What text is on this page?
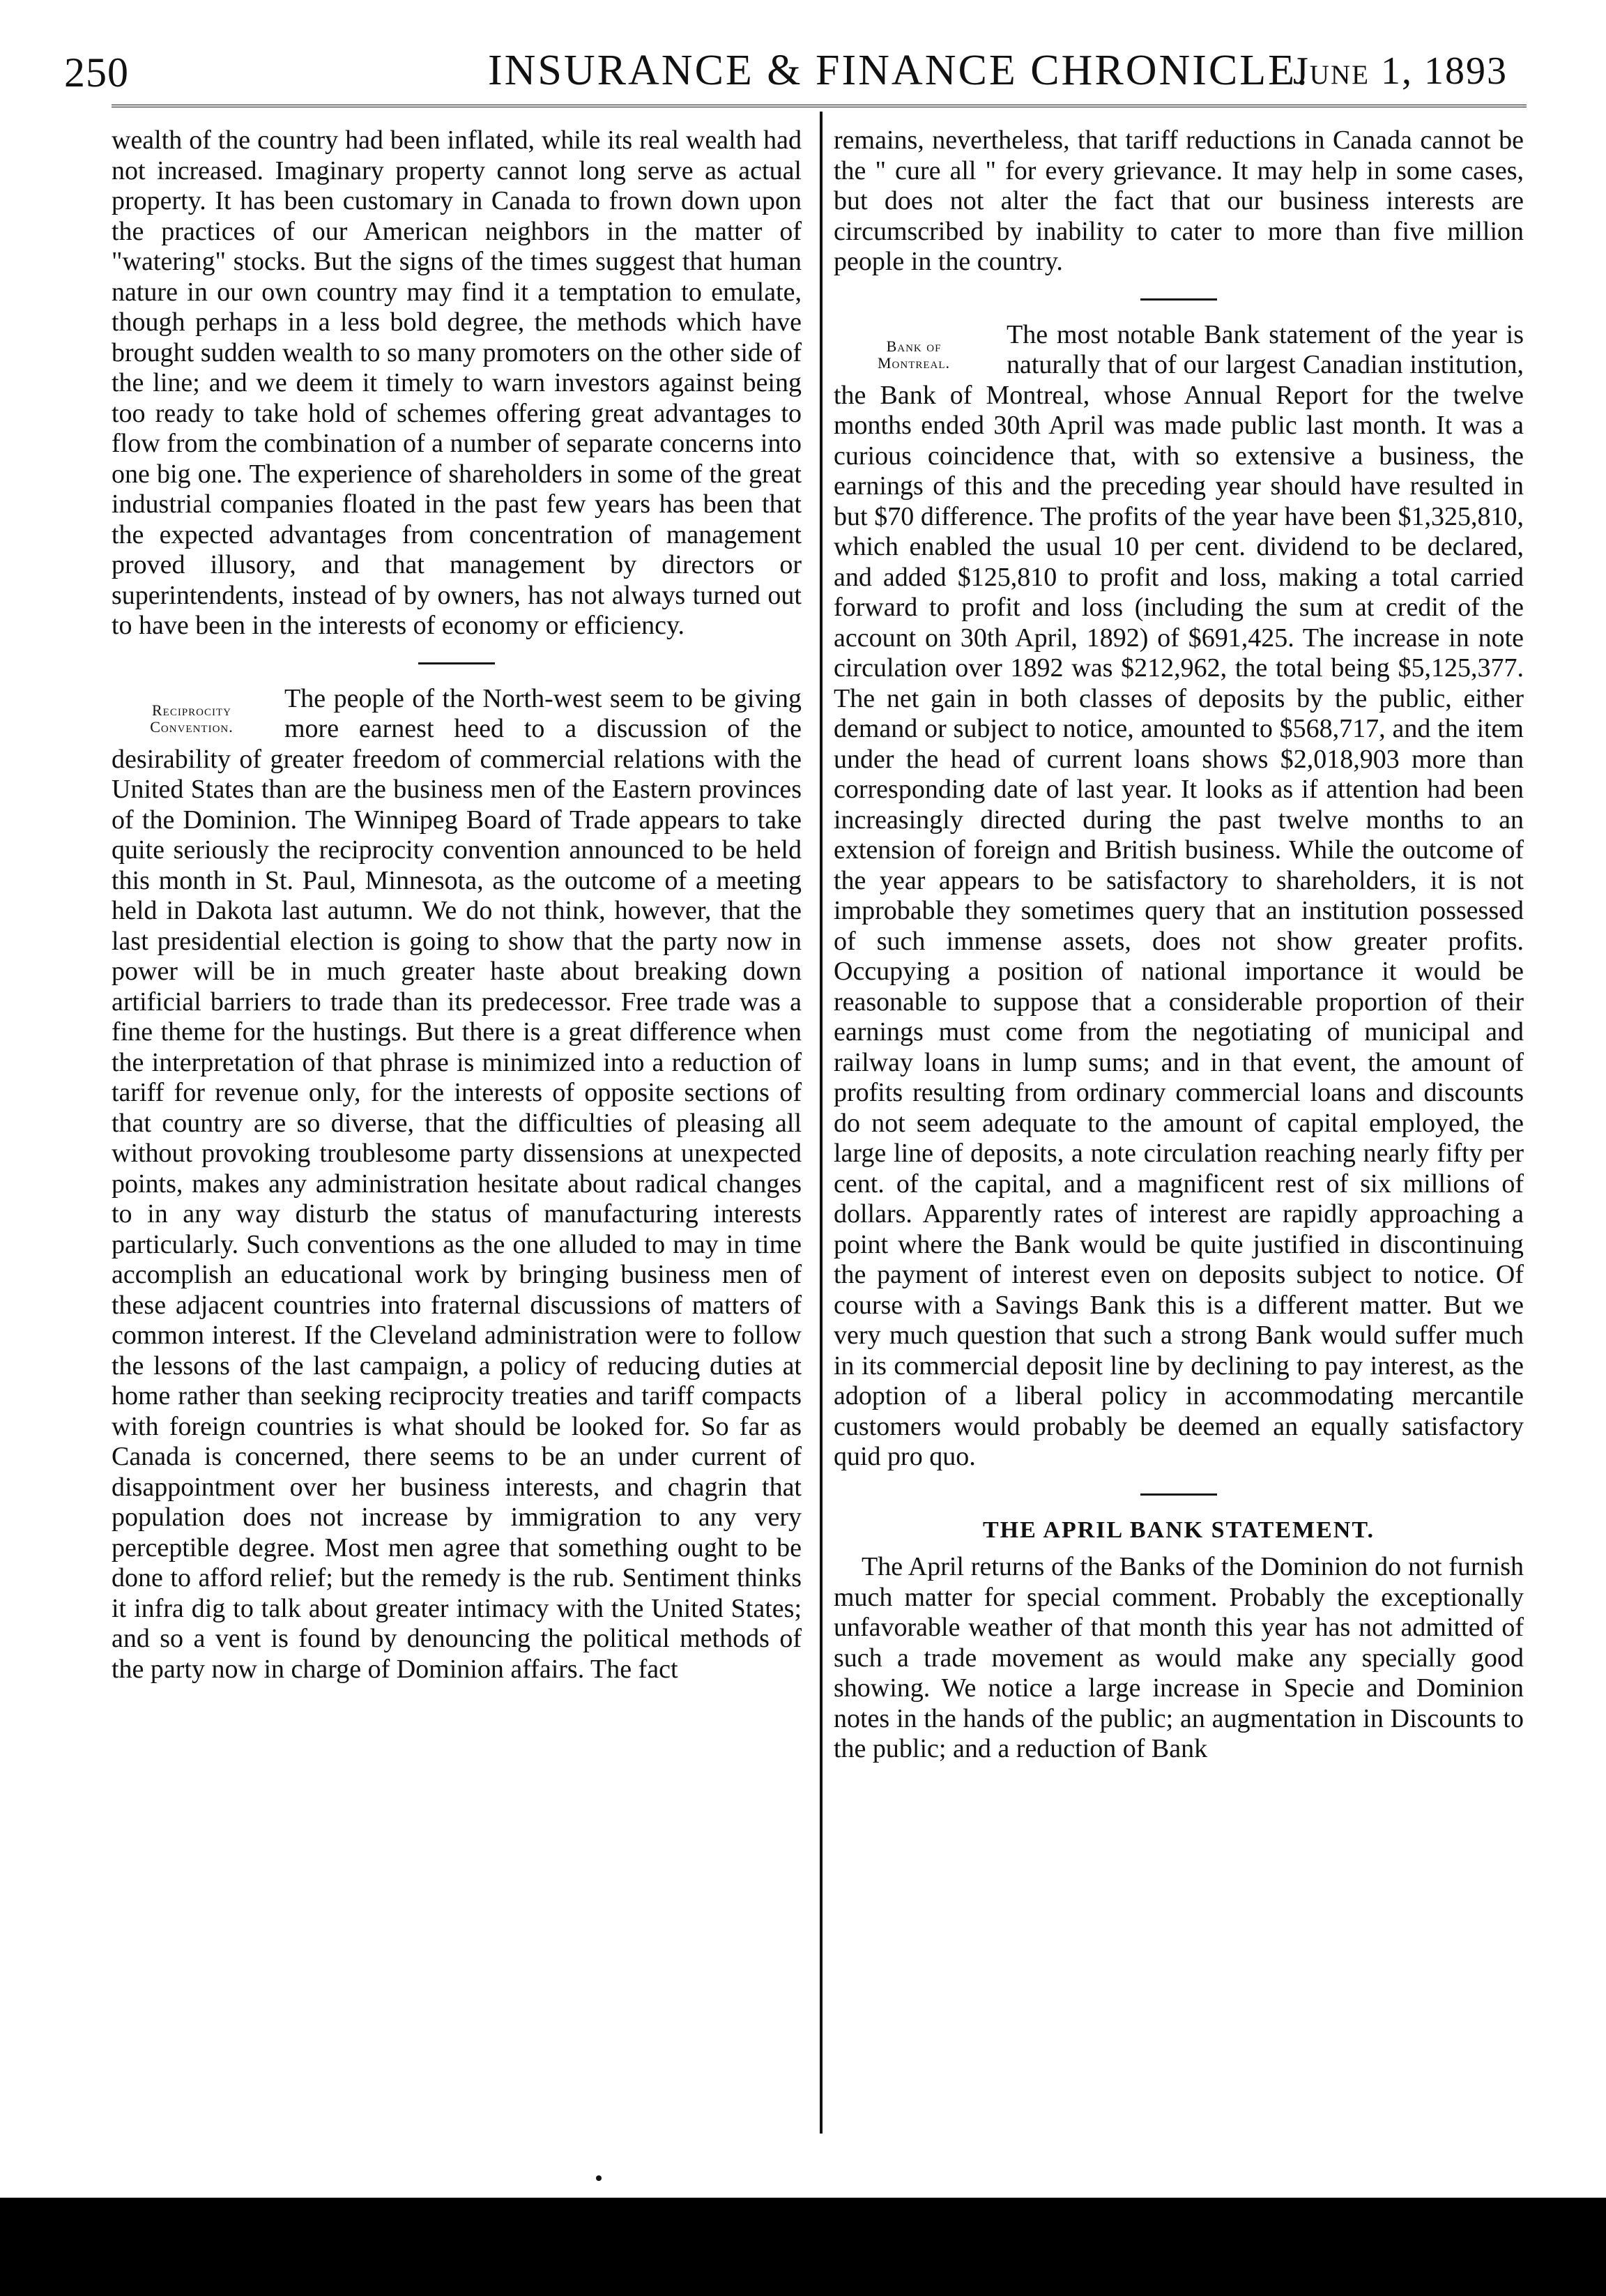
250	INSURANCE & FINANCE CHRONICLE.
June 1, 1893

wealth of the country had been inflated, while its real wealth had not increased. Imaginary property cannot long serve as actual property. It has been customary in Canada to frown down upon the practices of our American neighbors in the matter of "watering" stocks. But the signs of the times suggest that human nature in our own country may find it a temptation to emulate, though perhaps in a less bold degree, the methods which have brought sudden wealth to so many promoters on the other side of the line; and we deem it timely to warn investors against being too ready to take hold of schemes offering great advantages to flow from the combination of a number of separate concerns into one big one. The experience of shareholders in some of the great industrial companies floated in the past few years has been that the expected advantages from concentration of management proved illusory, and that management by directors or superintendents, instead of by owners, has not always turned out to have been in the interests of economy or efficiency.

Reciprocity
Convention.

The people of the North-west seem to be giving more earnest heed to a discussion of the desirability of greater freedom of commercial relations with the United States than are the business men of the Eastern provinces of the Dominion. The Winnipeg Board of Trade appears to take quite seriously the reciprocity convention announced to be held this month in St. Paul, Minnesota, as the outcome of a meeting held in Dakota last autumn. We do not think, however, that the last presidential election is going to show that the party now in power will be in much greater haste about breaking down artificial barriers to trade than its predecessor. Free trade was a fine theme for the hustings. But there is a great difference when the interpretation of that phrase is minimized into a reduction of tariff for revenue only, for the interests of opposite sections of that country are so diverse, that the difficulties of pleasing all without provoking troublesome party dissensions at unexpected points, makes any administration hesitate about radical changes to in any way disturb the status of manufacturing interests particularly. Such conventions as the one alluded to may in time accomplish an educational work by bringing business men of these adjacent countries into fraternal discussions of matters of common interest. If the Cleveland administration were to follow the lessons of the last campaign, a policy of reducing duties at home rather than seeking reciprocity treaties and tariff compacts with foreign countries is what should be looked for. So far as Canada is concerned, there seems to be an under current of disappointment over her business interests, and chagrin that population does not increase by immigration to any very perceptible degree. Most men agree that something ought to be done to afford relief; but the remedy is the rub. Sentiment thinks it infra dig to talk about greater intimacy with the United States; and so a vent is found by denouncing the political methods of the party now in charge of Dominion affairs. The fact

remains, nevertheless, that tariff reductions in Canada cannot be the " cure all " for every grievance. It may help in some cases, but does not alter the fact that our business interests are circumscribed by inability to cater to more than five million people in the country.

Bank of
Montreal.

The most notable Bank statement of the year is naturally that of our largest Canadian institution, the Bank of Montreal, whose Annual Report for the twelve months ended 30th April was made public last month. It was a curious coincidence that, with so extensive a business, the earnings of this and the preceding year should have resulted in but $70 difference. The profits of the year have been $1,325,810, which enabled the usual 10 per cent. dividend to be declared, and added $125,810 to profit and loss, making a total carried forward to profit and loss (including the sum at credit of the account on 30th April, 1892) of $691,425. The increase in note circulation over 1892 was $212,962, the total being $5,125,377. The net gain in both classes of deposits by the public, either demand or subject to notice, amounted to $568,717, and the item under the head of current loans shows $2,018,903 more than corresponding date of last year. It looks as if attention had been increasingly directed during the past twelve months to an extension of foreign and British business. While the outcome of the year appears to be satisfactory to shareholders, it is not improbable they sometimes query that an institution possessed of such immense assets, does not show greater profits. Occupying a position of national importance it would be reasonable to suppose that a considerable proportion of their earnings must come from the negotiating of municipal and railway loans in lump sums; and in that event, the amount of profits resulting from ordinary commercial loans and discounts do not seem adequate to the amount of capital employed, the large line of deposits, a note circulation reaching nearly fifty per cent. of the capital, and a magnificent rest of six millions of dollars. Apparently rates of interest are rapidly approaching a point where the Bank would be quite justified in discontinuing the payment of interest even on deposits subject to notice. Of course with a Savings Bank this is a different matter. But we very much question that such a strong Bank would suffer much in its commercial deposit line by declining to pay interest, as the adoption of a liberal policy in accommodating mercantile customers would probably be deemed an equally satisfactory quid pro quo.

THE APRIL BANK STATEMENT.

The April returns of the Banks of the Dominion do not furnish much matter for special comment. Probably the exceptionally unfavorable weather of that month this year has not admitted of such a trade movement as would make any specially good showing. We notice a large increase in Specie and Dominion notes in the hands of the public; an augmentation in Discounts to the public; and a reduction of Bank
